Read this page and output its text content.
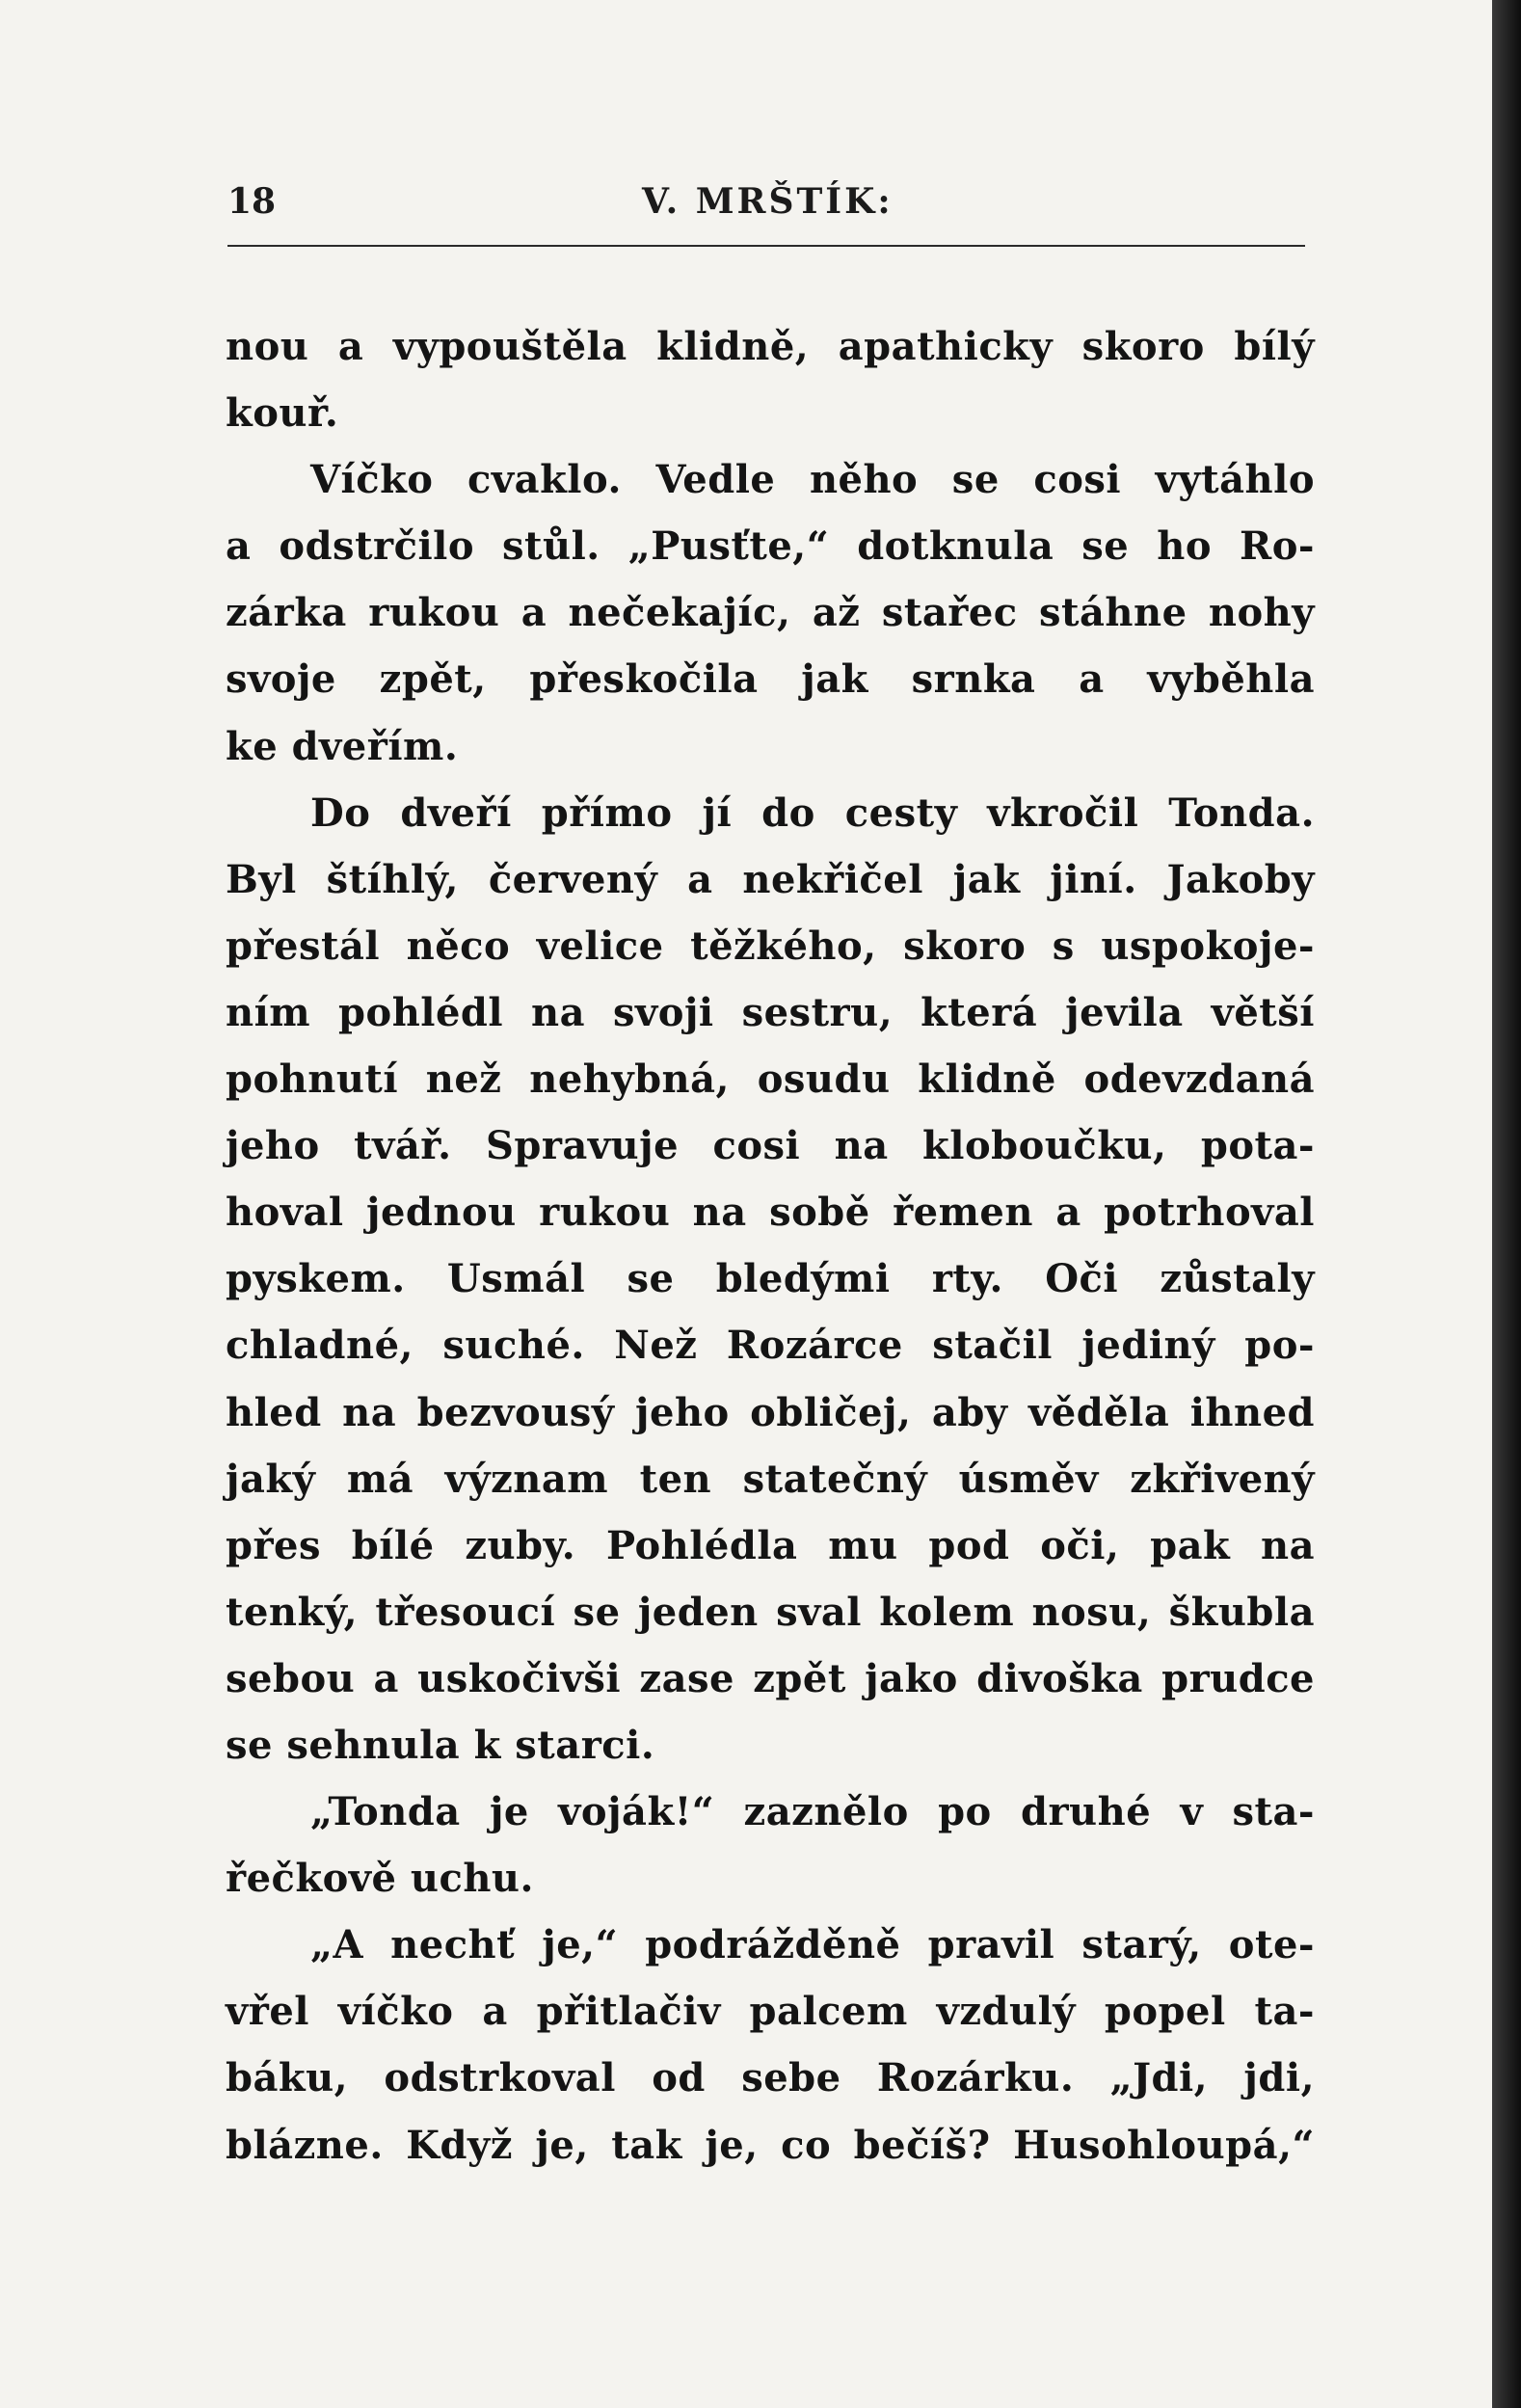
18	V. MRŠTÍK:
nou a vypouštěla klidně, apathicky skoro bílý
kouř.
Víčko cvaklo. Vedle něho se cosi vytáhlo
a odstrčilo stůl. „Pusťte,“ dotknula se ho Ro-
zárka rukou a nečekajíc, až stařec stáhne nohy
svoje zpět, přeskočila jak srnka a vyběhla
ke dveřím.
Do dveří přímo jí do cesty vkročil Tonda.
Byl štíhlý, červený a nekřičel jak jiní. Jakoby
přestál něco velice těžkého, skoro s uspokoje-
ním pohlédl na svoji sestru, která jevila větší
pohnutí než nehybná, osudu klidně odevzdaná
jeho tvář. Spravuje cosi na kloboučku, pota-
hoval jednou rukou na sobě řemen a potrhoval
pyskem. Usmál se bledými rty. Oči zůstaly
chladné, suché. Než Rozárce stačil jediný po-
hled na bezvousý jeho obličej, aby věděla ihned
jaký má význam ten statečný úsměv zkřivený
přes bílé zuby. Pohlédla mu pod oči, pak na
tenký, třesoucí se jeden sval kolem nosu, škubla
sebou a uskočivši zase zpět jako divoška prudce
se sehnula k starci.
„Tonda je voják!“ zaznělo po druhé v sta-
řečkově uchu.
„A nechť je,“ podrážděně pravil starý, ote-
vřel víčko a přitlačiv palcem vzdulý popel ta-
báku, odstrkoval od sebe Rozárku. „Jdi, jdi,
blázne. Když je, tak je, co bečíš? Husohloupá,“
